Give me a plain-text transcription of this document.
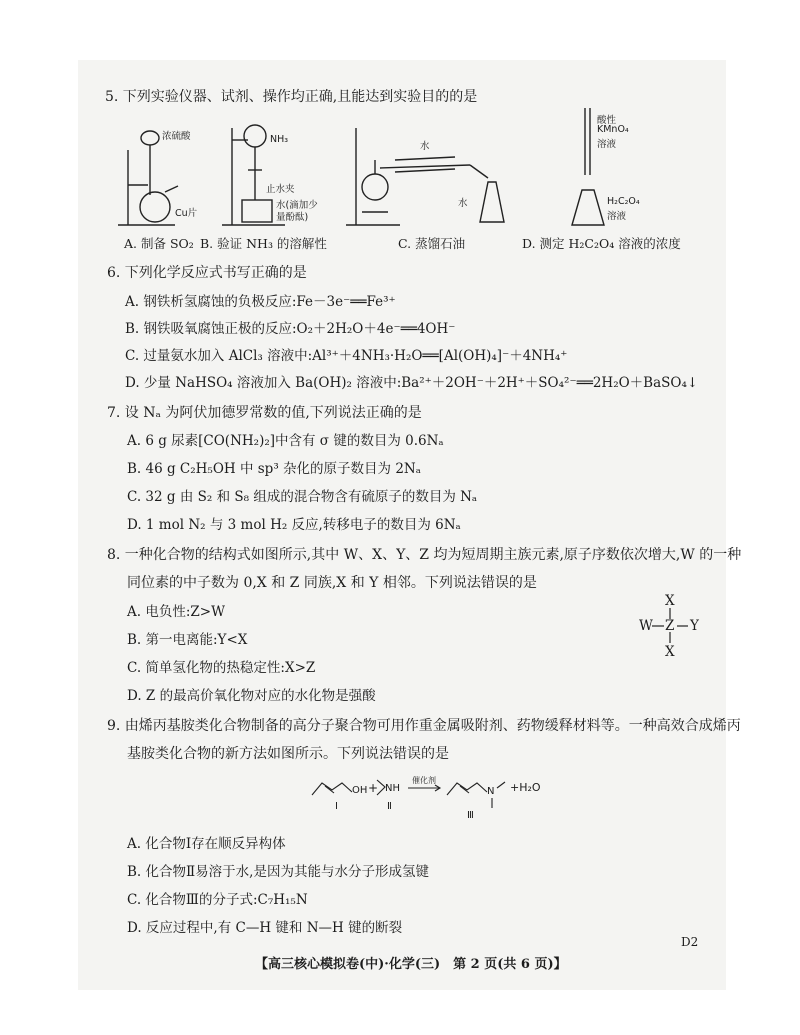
5. 下列实验仪器、试剂、操作均正确,且能达到实验目的的是
浓硫酸
Cu片
NH₃
止水夹
水(滴加少
量酚酞)
水
水
酸性
KMnO₄
溶液
H₂C₂O₄
溶液
A. 制备 SO₂ B. 验证 NH₃ 的溶解性	C. 蒸馏石油	D. 测定 H₂C₂O₄ 溶液的浓度
6. 下列化学反应式书写正确的是
A. 钢铁析氢腐蚀的负极反应:Fe－3e⁻══Fe³⁺
B. 钢铁吸氧腐蚀正极的反应:O₂＋2H₂O＋4e⁻══4OH⁻
C. 过量氨水加入 AlCl₃ 溶液中:Al³⁺＋4NH₃·H₂O══[Al(OH)₄]⁻＋4NH₄⁺
D. 少量 NaHSO₄ 溶液加入 Ba(OH)₂ 溶液中:Ba²⁺＋2OH⁻＋2H⁺＋SO₄²⁻══2H₂O＋BaSO₄↓
7. 设 Nₐ 为阿伏加德罗常数的值,下列说法正确的是
A. 6 g 尿素[CO(NH₂)₂]中含有 σ 键的数目为 0.6Nₐ
B. 46 g C₂H₅OH 中 sp³ 杂化的原子数目为 2Nₐ
C. 32 g 由 S₂ 和 S₈ 组成的混合物含有硫原子的数目为 Nₐ
D. 1 mol N₂ 与 3 mol H₂ 反应,转移电子的数目为 6Nₐ
8. 一种化合物的结构式如图所示,其中 W、X、Y、Z 均为短周期主族元素,原子序数依次增大,W 的一种
同位素的中子数为 0,X 和 Z 同族,X 和 Y 相邻。下列说法错误的是
A. 电负性:Z>W
B. 第一电离能:Y<X
C. 简单氢化物的热稳定性:X>Z
D. Z 的最高价氧化物对应的水化物是强酸
X
W Z Y
X
9. 由烯丙基胺类化合物制备的高分子聚合物可用作重金属吸附剂、药物缓释材料等。一种高效合成烯丙
基胺类化合物的新方法如图所示。下列说法错误的是
OH
Ⅰ
+ NH
Ⅱ
催化剂
N
Ⅲ
+H₂O
A. 化合物Ⅰ存在顺反异构体
B. 化合物Ⅱ易溶于水,是因为其能与水分子形成氢键
C. 化合物Ⅲ的分子式:C₇H₁₅N
D. 反应过程中,有 C—H 键和 N—H 键的断裂
D2
【高三核心模拟卷(中)·化学(三)　第 2 页(共 6 页)】
